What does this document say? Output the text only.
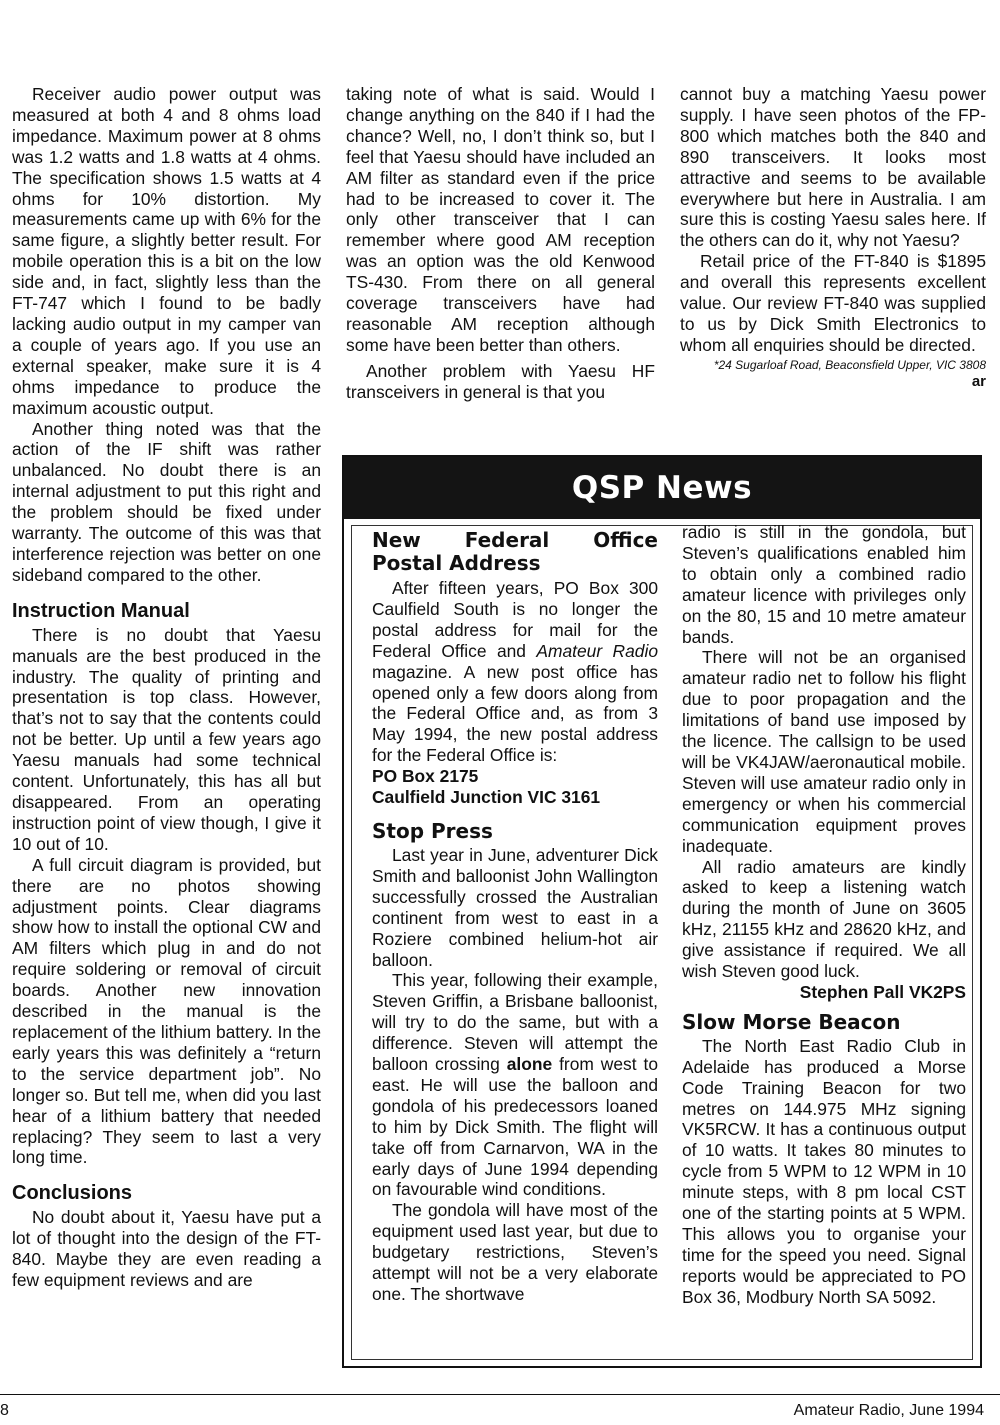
Receiver audio power output was measured at both 4 and 8 ohms load impedance. Maximum power at 8 ohms was 1.2 watts and 1.8 watts at 4 ohms. The specification shows 1.5 watts at 4 ohms for 10% distortion. My measurements came up with 6% for the same figure, a slightly better result. For mobile operation this is a bit on the low side and, in fact, slightly less than the FT-747 which I found to be badly lacking audio output in my camper van a couple of years ago. If you use an external speaker, make sure it is 4 ohms impedance to produce the maximum acoustic output.

Another thing noted was that the action of the IF shift was rather unbalanced. No doubt there is an internal adjustment to put this right and the problem should be fixed under warranty. The outcome of this was that interference rejection was better on one sideband compared to the other.

Instruction Manual

There is no doubt that Yaesu manuals are the best produced in the industry. The quality of printing and presentation is top class. However, that’s not to say that the contents could not be better. Up until a few years ago Yaesu manuals had some technical content. Unfortunately, this has all but disappeared. From an operating instruction point of view though, I give it 10 out of 10.

A full circuit diagram is provided, but there are no photos showing adjustment points. Clear diagrams show how to install the optional CW and AM filters which plug in and do not require soldering or removal of circuit boards. Another new innovation described in the manual is the replacement of the lithium battery. In the early years this was definitely a “return to the service department job”. No longer so. But tell me, when did you last hear of a lithium battery that needed replacing? They seem to last a very long time.

Conclusions

No doubt about it, Yaesu have put a lot of thought into the design of the FT-840. Maybe they are even reading a few equipment reviews and are

taking note of what is said. Would I change anything on the 840 if I had the chance? Well, no, I don’t think so, but I feel that Yaesu should have included an AM filter as standard even if the price had to be increased to cover it. The only other transceiver that I can remember where good AM reception was an option was the old Kenwood TS-430. From there on all general coverage transceivers have had reasonable AM reception although some have been better than others.

Another problem with Yaesu HF transceivers in general is that you

cannot buy a matching Yaesu power supply. I have seen photos of the FP-800 which matches both the 840 and 890 transceivers. It looks most attractive and seems to be available everywhere but here in Australia. I am sure this is costing Yaesu sales here. If the others can do it, why not Yaesu?

Retail price of the FT-840 is $1895 and overall this represents excellent value. Our review FT-840 was supplied to us by Dick Smith Electronics to whom all enquiries should be directed.

*24 Sugarloaf Road, Beaconsfield Upper, VIC 3808
ar
QSP News
New Federal Office Postal Address

After fifteen years, PO Box 300 Caulfield South is no longer the postal address for mail for the Federal Office and Amateur Radio magazine. A new post office has opened only a few doors along from the Federal Office and, as from 3 May 1994, the new postal address for the Federal Office is:

PO Box 2175

Caulfield Junction VIC 3161

Stop Press

Last year in June, adventurer Dick Smith and balloonist John Wallington successfully crossed the Australian continent from west to east in a Roziere combined helium-hot air balloon.

This year, following their example, Steven Griffin, a Brisbane balloonist, will try to do the same, but with a difference. Steven will attempt the balloon crossing alone from west to east. He will use the balloon and gondola of his predecessors loaned to him by Dick Smith. The flight will take off from Carnarvon, WA in the early days of June 1994 depending on favourable wind conditions.

The gondola will have most of the equipment used last year, but due to budgetary restrictions, Steven’s attempt will not be a very elaborate one. The shortwave

radio is still in the gondola, but Steven’s qualifications enabled him to obtain only a combined radio amateur licence with privileges only on the 80, 15 and 10 metre amateur bands.

There will not be an organised amateur radio net to follow his flight due to poor propagation and the limitations of band use imposed by the licence. The callsign to be used will be VK4JAW/aeronautical mobile. Steven will use amateur radio only in emergency or when his commercial communication equipment proves inadequate.

All radio amateurs are kindly asked to keep a listening watch during the month of June on 3605 kHz, 21155 kHz and 28620 kHz, and give assistance if required. We all wish Steven good luck.

Stephen Pall VK2PS
Slow Morse Beacon

The North East Radio Club in Adelaide has produced a Morse Code Training Beacon for two metres on 144.975 MHz signing VK5RCW. It has a continuous output of 10 watts. It takes 80 minutes to cycle from 5 WPM to 12 WPM in 10 minute steps, with 8 pm local CST one of the starting points at 5 WPM. This allows you to organise your time for the speed you need. Signal reports would be appreciated to PO Box 36, Modbury North SA 5092.

8	Amateur Radio, June 1994
